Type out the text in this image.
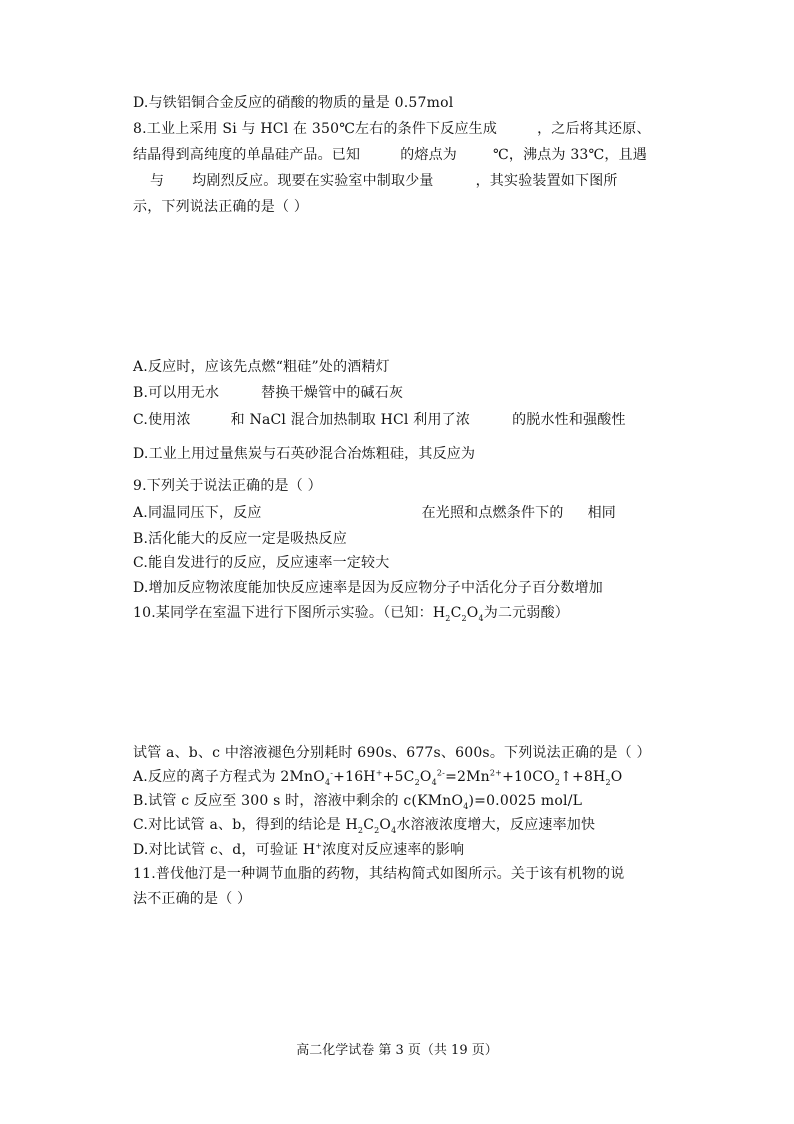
D.与铁铝铜合金反应的硝酸的物质的量是 0.57mol
8.工业上采用 Si 与 HCl 在 350℃左右的条件下反应生成	，之后将其还原、
结晶得到高纯度的单晶硅产品。已知	的熔点为	℃，沸点为 33℃，且遇
与 均剧烈反应。现要在实验室中制取少量	，其实验装置如下图所
示，下列说法正确的是（ ）
A.反应时，应该先点燃“粗硅”处的酒精灯
B.可以用无水	替换干燥管中的碱石灰
C.使用浓	和 NaCl 混合加热制取 HCl 利用了浓	的脱水性和强酸性
D.工业上用过量焦炭与石英砂混合冶炼粗硅，其反应为
9.下列关于说法正确的是（ ）
A.同温同压下，反应	在光照和点燃条件下的 相同
B.活化能大的反应一定是吸热反应
C.能自发进行的反应，反应速率一定较大
D.增加反应物浓度能加快反应速率是因为反应物分子中活化分子百分数增加
10.某同学在室温下进行下图所示实验。（已知：$H_2C_2O_4$为二元弱酸）
试管 a、b、c 中溶液褪色分别耗时 690s、677s、600s。下列说法正确的是（ ）
A.反应的离子方程式为 $2MnO_4^-+16H^++5C_2O_4^{2-}=2Mn^{2+}+10CO_2↑+8H_2O$
B.试管 c 反应至 300 s 时，溶液中剩余的 c(KMnO$_4$)=0.0025 mol/L
C.对比试管 a、b，得到的结论是 $H_2C_2O_4$水溶液浓度增大，反应速率加快
D.对比试管 c、d，可验证 H+浓度对反应速率的影响
11.普伐他汀是一种调节血脂的药物，其结构简式如图所示。关于该有机物的说
法不正确的是（ ）
高二化学试卷 第 3 页（共 19 页）
